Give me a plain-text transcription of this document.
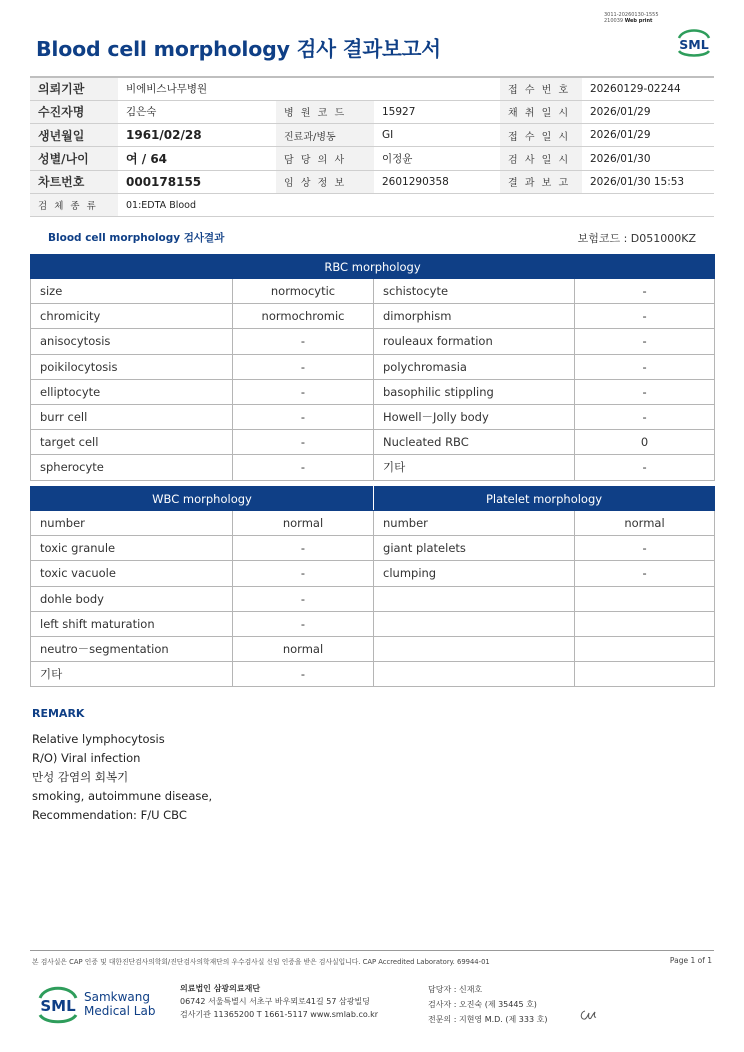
3011-20260130-1555
210039 Web print
SML
Blood cell morphology 검사 결과보고서
의뢰기관	비에비스나무병원			접 수 번 호	20260129-02244
수진자명	김은숙	병 원 코 드	15927	채 취 일 시	2026/01/29
생년월일	1961/02/28	진료과/병동	GI	접 수 일 시	2026/01/29
성별/나이	여 / 64	담 당 의 사	이정윤	검 사 일 시	2026/01/30
차트번호	000178155	임 상 정 보	2601290358	결 과 보 고	2026/01/30 15:53
검 체 종 류	01:EDTA Blood				
Blood cell morphology 검사결과	보험코드 : D051000KZ
RBC morphology			
size	normocytic	schistocyte	-
chromicity	normochromic	dimorphism	-
anisocytosis	-	rouleaux formation	-
poikilocytosis	-	polychromasia	-
elliptocyte	-	basophilic stippling	-
burr cell	-	Howell－Jolly body	-
target cell	-	Nucleated RBC	0
spherocyte	-	기타	-
WBC morphology		Platelet morphology	
number	normal	number	normal
toxic granule	-	giant platelets	-
toxic vacuole	-	clumping	-
dohle body	-		
left shift maturation	-		
neutro－segmentation	normal		
기타	-		
REMARK
Relative lymphocytosis
R/O) Viral infection
만성 감염의 회복기
smoking, autoimmune disease,
Recommendation: F/U CBC
본 검사실은 CAP 인증 및 대한진단검사의학회/진단검사의학재단의 우수검사실 신임 인증을 받은 검사실입니다. CAP Accredited Laboratory. 69944-01	Page 1 of 1
SML Samkwang
Medical Lab
의료법인 삼광의료재단
06742 서울특별시 서초구 바우뫼로41길 57 삼광빌딩
검사기관 11365200 T 1661-5117 www.smlab.co.kr
담당자 : 신재호
검사자 : 오진숙 (제 35445 호)
전문의 : 지현영 M.D. (제 333 호)
